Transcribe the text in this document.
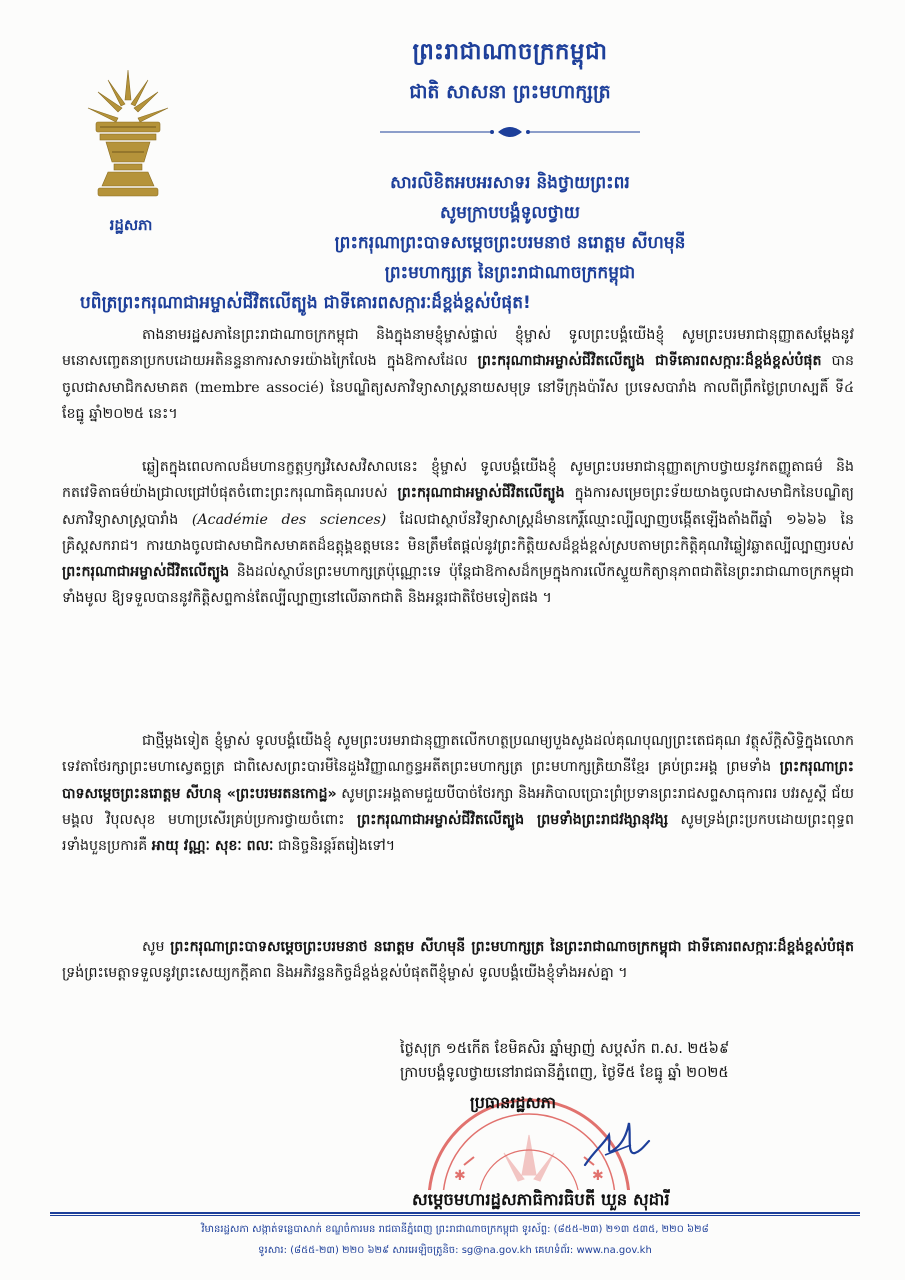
រដ្ឋសភា
ព្រះរាជាណាចក្រកម្ពុជា
ជាតិ សាសនា ព្រះមហាក្សត្រ
សារលិខិតអបអរសាទរ និងថ្វាយព្រះពរ
សូមក្រាបបង្គំទូលថ្វាយ
ព្រះករុណាព្រះបាទសម្តេចព្រះបរមនាថ នរោត្តម សីហមុនី
ព្រះមហាក្សត្រ នៃព្រះរាជាណាចក្រកម្ពុជា
បពិត្រព្រះករុណាជាអម្ចាស់ជីវិតលើត្បូង ជាទីគោរពសក្ការៈដ៏ខ្ពង់ខ្ពស់បំផុត!
តាងនាមរដ្ឋសភានៃព្រះរាជាណាចក្រកម្ពុជា និងក្នុងនាមខ្ញុំម្ចាស់ផ្ទាល់ ខ្ញុំម្ចាស់ ទូលព្រះបង្គំយើងខ្ញុំ សូមព្រះបរមរាជានុញ្ញាតសម្តែងនូវមនោសញ្ចេតនាប្រកបដោយអតិនន្ទនាការសាទរយ៉ាងក្រៃលែង ក្នុងឱកាសដែល ព្រះករុណាជាអម្ចាស់ជីវិតលើត្បូង ជាទីគោរពសក្ការៈដ៏ខ្ពង់ខ្ពស់បំផុត បានចូលជាសមាជិកសមាគត (membre associé) នៃបណ្ឌិត្យសភាវិទ្យាសាស្ត្រនាយសមុទ្រ នៅទីក្រុងប៉ារីស ប្រទេសបារាំង កាលពីព្រឹកថ្ងៃព្រហស្បតិ៍ ទី៤ ខែធ្នូ ឆ្នាំ២០២៥ នេះ។
ឆ្លៀតក្នុងពេលកាលដ៏មហានក្ខត្តឫក្សវិសេសវិសាលនេះ ខ្ញុំម្ចាស់ ទូលបង្គំយើងខ្ញុំ សូមព្រះបរមរាជានុញ្ញាតក្រាបថ្វាយនូវកតញ្ញូតាធម៌ និងកតវេទិតាធម៌យ៉ាងជ្រាលជ្រៅបំផុតចំពោះព្រះករុណាធិគុណរបស់ ព្រះករុណាជាអម្ចាស់ជីវិតលើត្បូង ក្នុងការសម្រេចព្រះទ័យយាងចូលជាសមាជិកនៃបណ្ឌិត្យសភាវិទ្យាសាស្ត្របារាំង (Académie des sciences) ដែលជាស្ថាប័នវិទ្យាសាស្ត្រដ៏មានកេរ្តិ៍ឈ្មោះល្បីល្បាញបង្កើតឡើងតាំងពីឆ្នាំ ១៦៦៦ នៃគ្រិស្តសករាជ។ ការយាងចូលជាសមាជិកសមាគតដ៏ឧត្តុង្គឧត្តមនេះ មិនត្រឹមតែផ្តល់នូវព្រះកិត្តិយសដ៏ខ្ពង់ខ្ពស់ស្របតាមព្រះកិត្តិគុណវិឆ្លៀវឆ្លាតល្បីល្បាញរបស់ ព្រះករុណាជាអម្ចាស់ជីវិតលើត្បូង និងដល់ស្ថាប័នព្រះមហាក្សត្រប៉ុណ្ណោះទេ ប៉ុន្តែជាឱកាសដ៏កម្រក្នុងការលើកស្ទួយកិត្យានុភាពជាតិនៃព្រះរាជាណាចក្រកម្ពុជាទាំងមូល ឱ្យទទួលបាននូវកិត្តិសព្ទកាន់តែល្បីល្បាញនៅលើឆាកជាតិ និងអន្តរជាតិថែមទៀតផង ។
ជាថ្មីម្តងទៀត ខ្ញុំម្ចាស់ ទូលបង្គំយើងខ្ញុំ សូមព្រះបរមរាជានុញ្ញាតលើកហត្ថប្រណម្យបួងសួងដល់គុណបុណ្យព្រះតេជគុណ វត្ថុស័ក្តិសិទ្ធិក្នុងលោក ទេវតាថែរក្សាព្រះមហាស្វេតច្ឆត្រ ជាពិសេសព្រះបារមីនៃដួងវិញ្ញាណក្ខន្ធអតីតព្រះមហាក្សត្រ ព្រះមហាក្សត្រិយានីខ្មែរ គ្រប់ព្រះអង្គ ព្រមទាំង ព្រះករុណាព្រះបាទសម្តេចព្រះនរោត្តម សីហនុ «ព្រះបរមរតនកោដ្ឋ» សូមព្រះអង្គតាមជួយបីបាច់ថែរក្សា និងអភិបាលប្រោះព្រំប្រទានព្រះរាជសព្ទសាធុការពរ បវរសួស្តី ជ័យមង្គល វិបុលសុខ មហាប្រសើរគ្រប់ប្រការថ្វាយចំពោះ ព្រះករុណាជាអម្ចាស់ជីវិតលើត្បូង ព្រមទាំងព្រះរាជវង្សានុវង្ស សូមទ្រង់ព្រះប្រកបដោយព្រះពុទ្ធពរទាំងបួនប្រការគឺ អាយុ វណ្ណៈ សុខៈ ពលៈ ជានិច្ចនិរន្តរ៍តរៀងទៅ។
សូម ព្រះករុណាព្រះបាទសម្តេចព្រះបរមនាថ នរោត្តម សីហមុនី ព្រះមហាក្សត្រ នៃព្រះរាជាណាចក្រកម្ពុជា ជាទីគោរពសក្ការៈដ៏ខ្ពង់ខ្ពស់បំផុត ទ្រង់ព្រះមេត្តាទទួលនូវព្រះសេយ្យកក្តីគាព និងអភិវន្ទនកិច្ចដ៏ខ្ពង់ខ្ពស់បំផុតពីខ្ញុំម្ចាស់ ទូលបង្គំយើងខ្ញុំទាំងអស់គ្នា ។
✱	✱
ថ្ងៃសុក្រ ១៥កើត ខែមិគសិរ ឆ្នាំម្សាញ់ សប្តស័ក ព.ស. ២៥៦៩
ក្រាបបង្គំទូលថ្វាយនៅរាជធានីភ្នំពេញ, ថ្ងៃទី៥ ខែធ្នូ ឆ្នាំ ២០២៥
ប្រធានរដ្ឋសភា
សម្តេចមហារដ្ឋសភាធិការធិបតី ឃួន សុដារី
វិមានរដ្ឋសភា សង្កាត់ទន្លេបាសាក់ ខណ្ឌចំការមន រាជធានីភ្នំពេញ ព្រះរាជាណាចក្រកម្ពុជា ទូរស័ព្ទ: (៨៥៥-២៣) ២១៣ ៥៣៥, ២២០ ៦២៨
ទូរសារ: (៨៥៥-២៣) ២២០ ៦២៩ សារអេឡិចត្រូនិច: sg@na.gov.kh គេហទំព័រ: www.na.gov.kh
